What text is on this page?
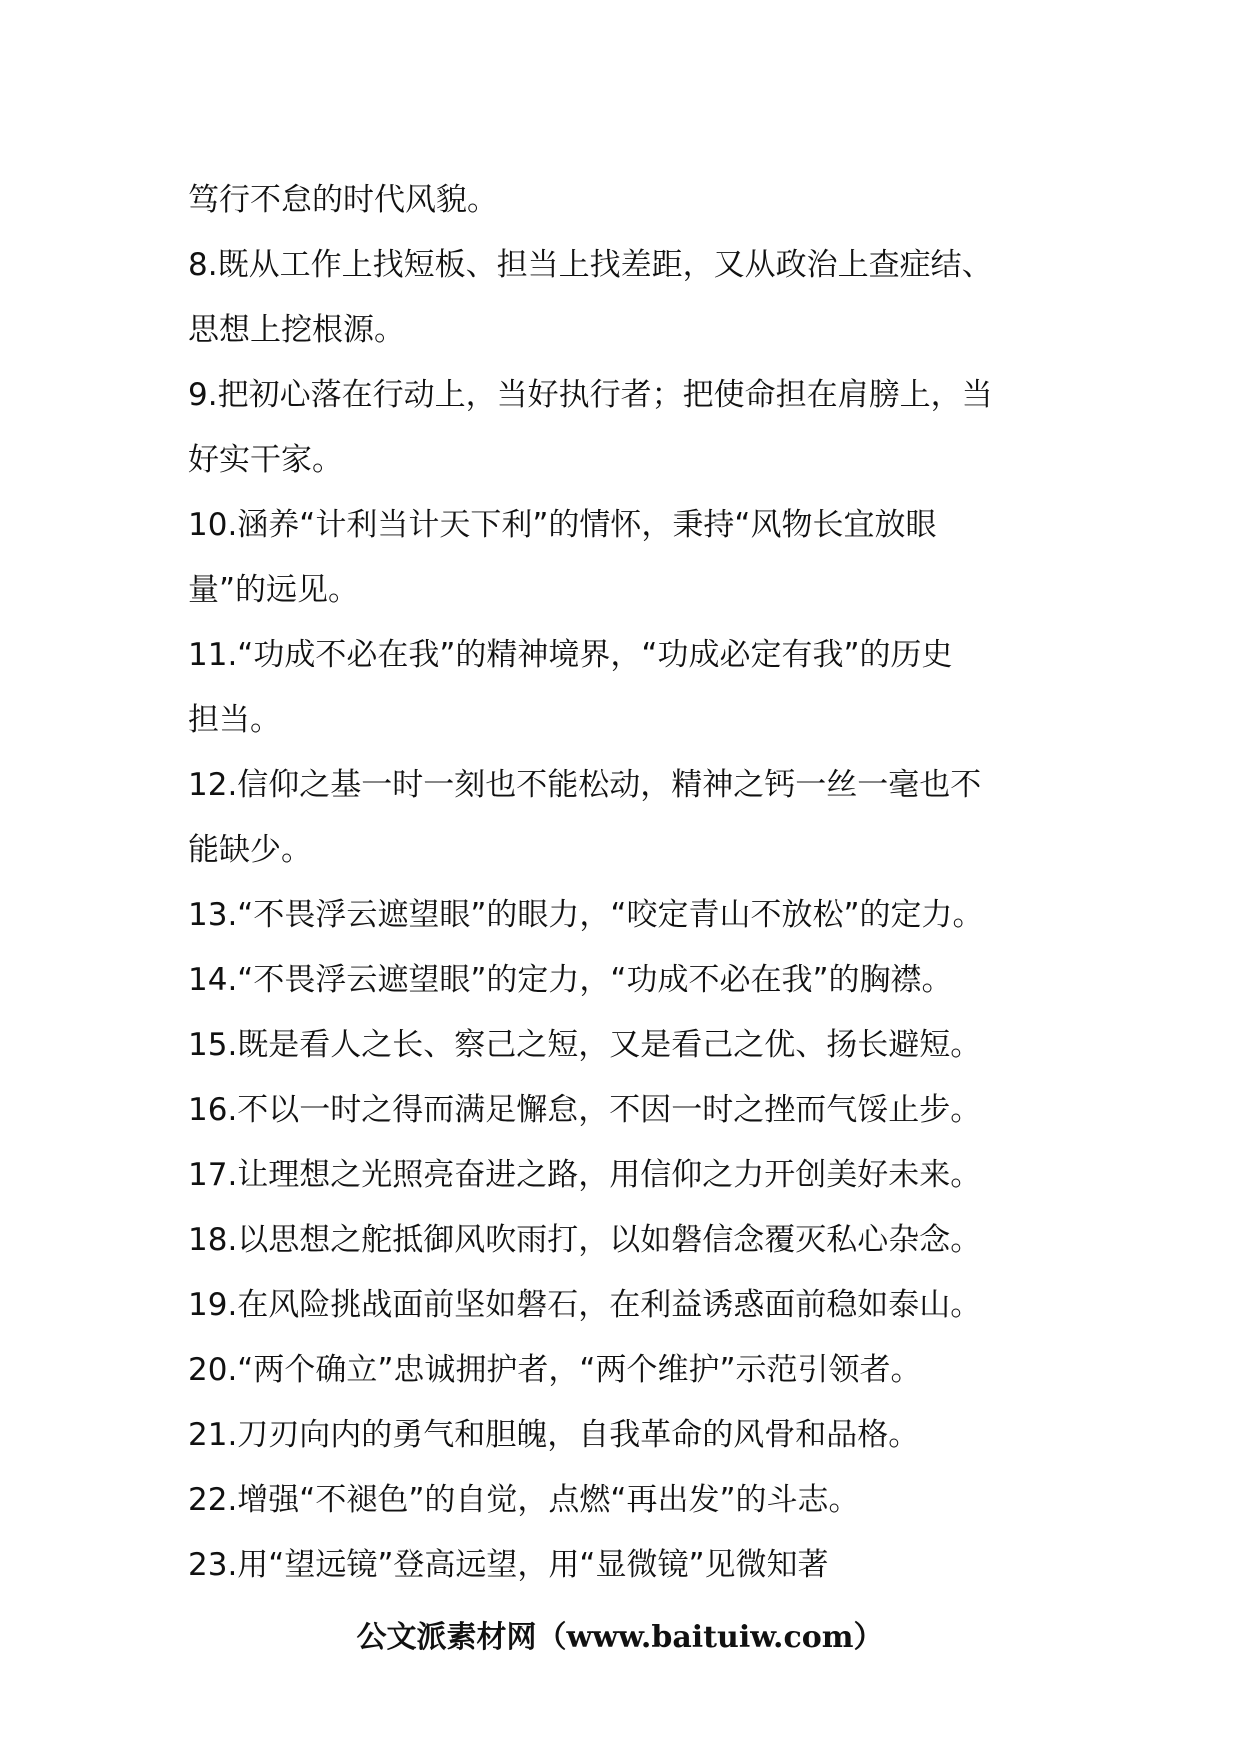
笃行不怠的时代风貌。
8.既从工作上找短板、担当上找差距，又从政治上查症结、
思想上挖根源。
9.把初心落在行动上，当好执行者；把使命担在肩膀上，当
好实干家。
10.涵养“计利当计天下利”的情怀，秉持“风物长宜放眼
量”的远见。
11.“功成不必在我”的精神境界，“功成必定有我”的历史
担当。
12.信仰之基一时一刻也不能松动，精神之钙一丝一毫也不
能缺少。
13.“不畏浮云遮望眼”的眼力，“咬定青山不放松”的定力。
14.“不畏浮云遮望眼”的定力，“功成不必在我”的胸襟。
15.既是看人之长、察己之短，又是看己之优、扬长避短。
16.不以一时之得而满足懈怠，不因一时之挫而气馁止步。
17.让理想之光照亮奋进之路，用信仰之力开创美好未来。
18.以思想之舵抵御风吹雨打，以如磐信念覆灭私心杂念。
19.在风险挑战面前坚如磐石，在利益诱惑面前稳如泰山。
20.“两个确立”忠诚拥护者，“两个维护”示范引领者。
21.刀刃向内的勇气和胆魄，自我革命的风骨和品格。
22.增强“不褪色”的自觉，点燃“再出发”的斗志。
23.用“望远镜”登高远望，用“显微镜”见微知著
公文派素材网（www.baituiw.com）
